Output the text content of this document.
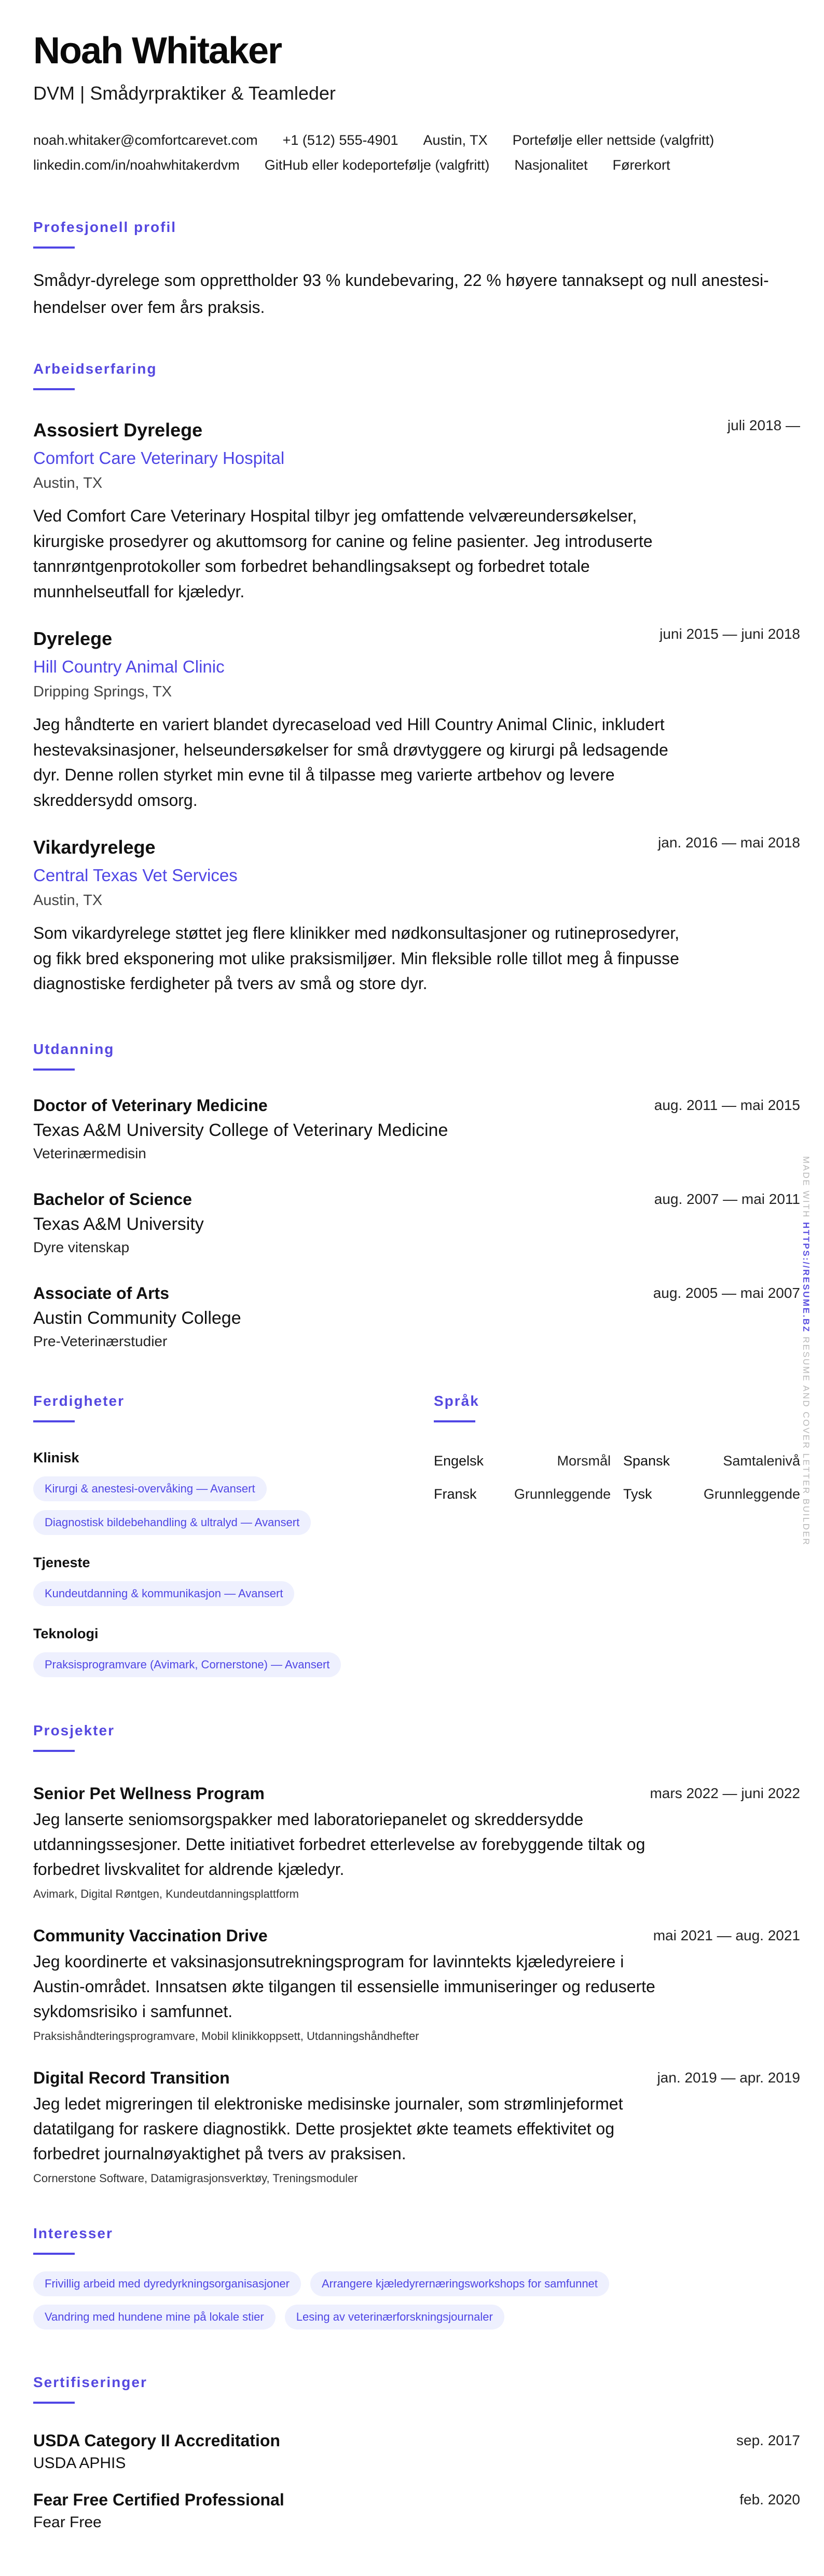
Noah Whitaker
DVM | Smådyrpraktiker & Teamleder
noah.whitaker@comfortcarevet.com +1 (512) 555-4901 Austin, TX Portefølje eller nettside (valgfritt)
linkedin.com/in/noahwhitakerdvm GitHub eller kodeportefølje (valgfritt) Nasjonalitet Førerkort
Profesjonell profil

Smådyr-dyrelege som opprettholder 93 % kundebevaring, 22 % høyere tannaksept og null anestesi-hendelser over fem års praksis.

Arbeidserfaring
juli 2018 —
Assosiert Dyrelege
Comfort Care Veterinary Hospital
Austin, TX

Ved Comfort Care Veterinary Hospital tilbyr jeg omfattende velværeundersøkelser, kirurgiske prosedyrer og akuttomsorg for canine og feline pasienter. Jeg introduserte tannrøntgenprotokoller som forbedret behandlingsaksept og forbedret totale munnhelseutfall for kjæledyr.

juni 2015 — juni 2018
Dyrelege
Hill Country Animal Clinic
Dripping Springs, TX

Jeg håndterte en variert blandet dyrecaseload ved Hill Country Animal Clinic, inkludert hestevaksinasjoner, helseundersøkelser for små drøvtyggere og kirurgi på ledsagende dyr. Denne rollen styrket min evne til å tilpasse meg varierte artbehov og levere skreddersydd omsorg.

jan. 2016 — mai 2018
Vikardyrelege
Central Texas Vet Services
Austin, TX

Som vikardyrelege støttet jeg flere klinikker med nødkonsultasjoner og rutineprosedyrer, og fikk bred eksponering mot ulike praksismiljøer. Min fleksible rolle tillot meg å finpusse diagnostiske ferdigheter på tvers av små og store dyr.

Utdanning
aug. 2011 — mai 2015
Doctor of Veterinary Medicine
Texas A&M University College of Veterinary Medicine
Veterinærmedisin
aug. 2007 — mai 2011
Bachelor of Science
Texas A&M University
Dyre vitenskap
aug. 2005 — mai 2007
Associate of Arts
Austin Community College
Pre-Veterinærstudier
Ferdigheter
Klinisk
Kirurgi & anestesi-overvåking — Avansert
Diagnostisk bildebehandling & ultralyd — Avansert
Tjeneste
Kundeutdanning & kommunikasjon — Avansert
Teknologi
Praksisprogramvare (Avimark, Cornerstone) — Avansert
Språk
Engelsk	Morsmål Spansk	Samtalenivå
Fransk	Grunnleggende Tysk	Grunnleggende
Prosjekter
mars 2022 — juni 2022
Senior Pet Wellness Program

Jeg lanserte seniomsorgspakker med laboratoriepanelet og skreddersydde utdanningssesjoner. Dette initiativet forbedret etterlevelse av forebyggende tiltak og forbedret livskvalitet for aldrende kjæledyr.

Avimark, Digital Røntgen, Kundeutdanningsplattform
mai 2021 — aug. 2021
Community Vaccination Drive

Jeg koordinerte et vaksinasjonsutrekningsprogram for lavinntekts kjæledyreiere i Austin-området. Innsatsen økte tilgangen til essensielle immuniseringer og reduserte sykdomsrisiko i samfunnet.

Praksishåndteringsprogramvare, Mobil klinikkoppsett, Utdanningshåndhefter
jan. 2019 — apr. 2019
Digital Record Transition

Jeg ledet migreringen til elektroniske medisinske journaler, som strømlinjeformet datatilgang for raskere diagnostikk. Dette prosjektet økte teamets effektivitet og forbedret journalnøyaktighet på tvers av praksisen.

Cornerstone Software, Datamigrasjonsverktøy, Treningsmoduler
Interesser
Frivillig arbeid med dyredyrkningsorganisasjoner	Arrangere kjæledyrernæringsworkshops for samfunnet
Vandring med hundene mine på lokale stier	Lesing av veterinærforskningsjournaler
Sertifiseringer
sep. 2017
USDA Category II Accreditation
USDA APHIS
feb. 2020
Fear Free Certified Professional
Fear Free
MADE WITH HTTPS://RESUME.BZ RESUME AND COVER LETTER BUILDER
